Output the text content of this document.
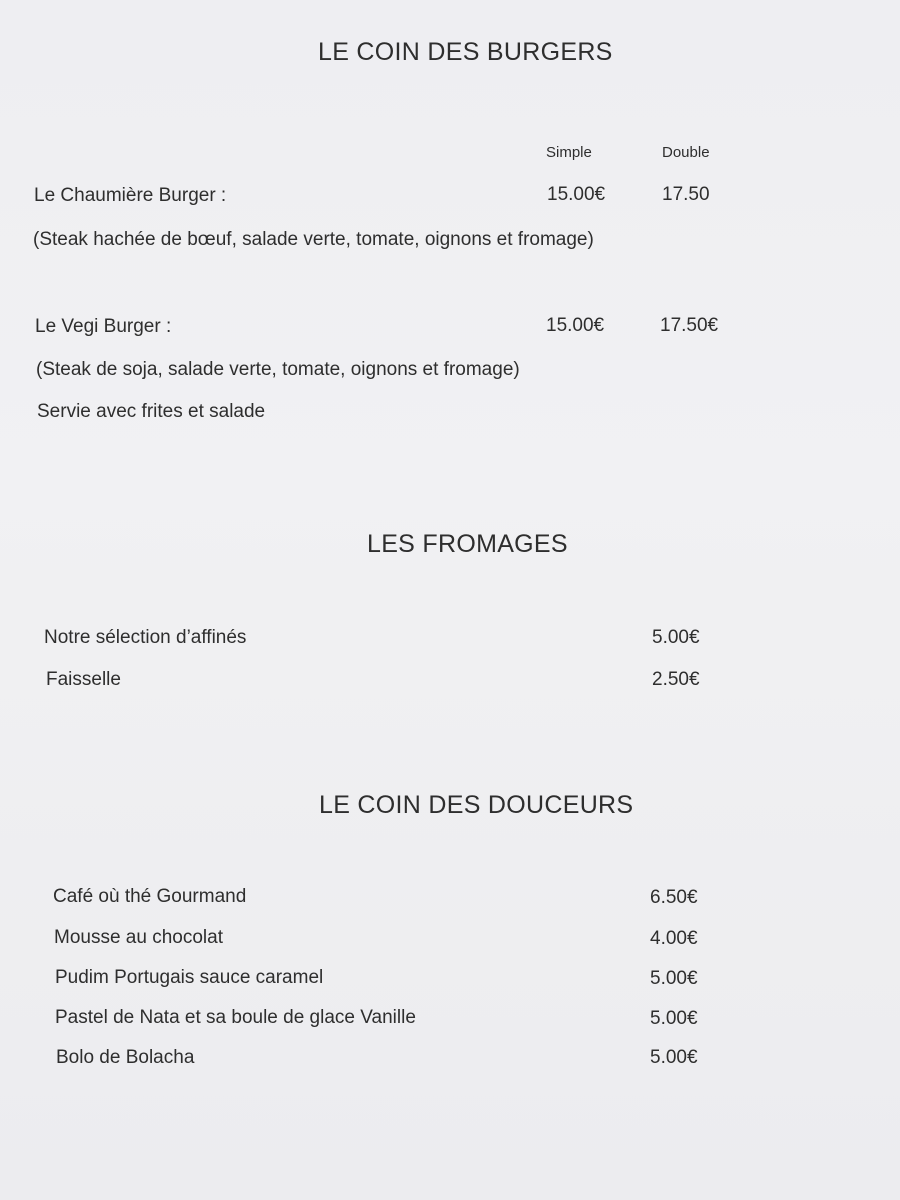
LE COIN DES BURGERS
Simple	Double
Le Chaumière Burger :	15.00€	17.50
(Steak hachée de bœuf, salade verte, tomate, oignons et fromage)
Le Vegi Burger :	15.00€	17.50€
(Steak de soja, salade verte, tomate, oignons et fromage)
Servie avec frites et salade
LES FROMAGES
Notre sélection d’affinés	5.00€
Faisselle	2.50€
LE COIN DES DOUCEURS
Café où thé Gourmand	6.50€
Mousse au chocolat	4.00€
Pudim Portugais sauce caramel	5.00€
Pastel de Nata et sa boule de glace Vanille	5.00€
Bolo de Bolacha	5.00€
